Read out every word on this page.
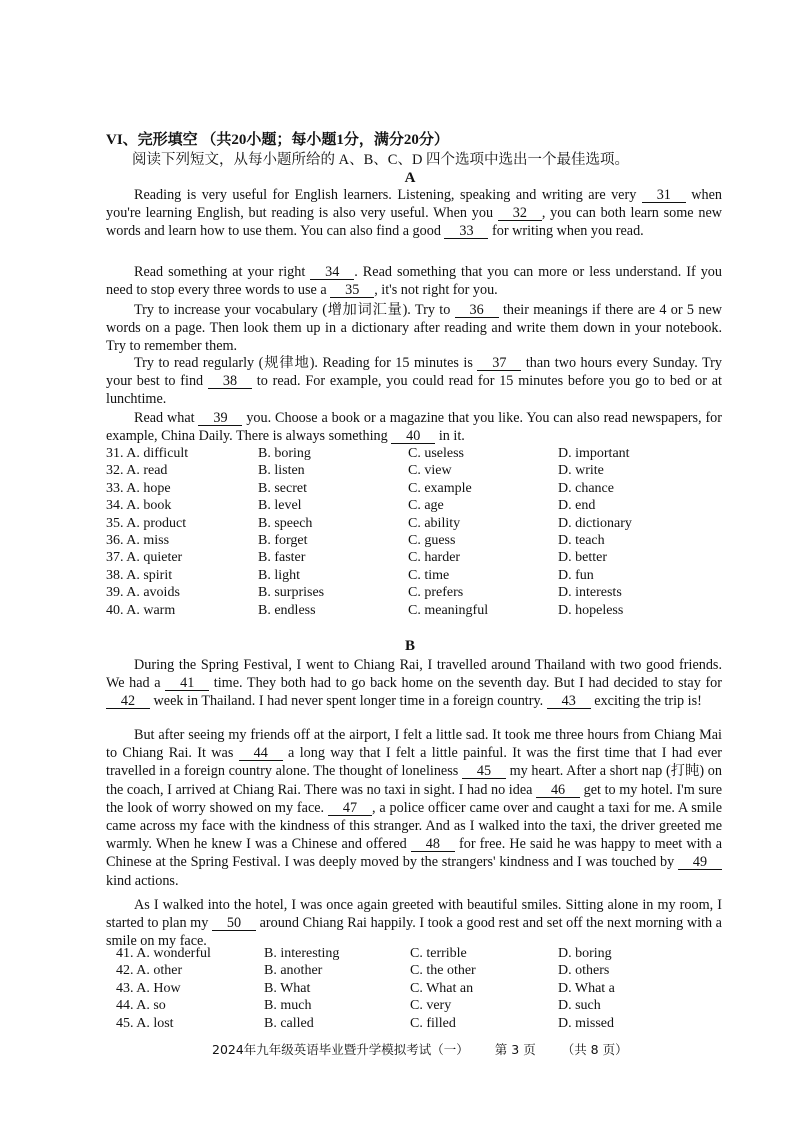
VI、完形填空 （共20小题；每小题1分，满分20分）
阅读下列短文，从每小题所给的 A、B、C、D 四个选项中选出一个最佳选项。
A
Reading is very useful for English learners. Listening, speaking and writing are very 31 when you're learning English, but reading is also very useful. When you 32 , you can both learn some new words and learn how to use them. You can also find a good 33 for writing when you read.
Read something at your right 34 . Read something that you can more or less understand. If you need to stop every three words to use a 35 , it's not right for you.
Try to increase your vocabulary (增加词汇量). Try to 36 their meanings if there are 4 or 5 new words on a page. Then look them up in a dictionary after reading and write them down in your notebook. Try to remember them.
Try to read regularly (规律地). Reading for 15 minutes is 37 than two hours every Sunday. Try your best to find 38 to read. For example, you could read for 15 minutes before you go to bed or at lunchtime.
Read what 39 you. Choose a book or a magazine that you like. You can also read newspapers, for example, China Daily. There is always something 40 in it.
31. A. difficult	B. boring	C. useless	D. important
32. A. read	B. listen	C. view	D. write
33. A. hope	B. secret	C. example	D. chance
34. A. book	B. level	C. age	D. end
35. A. product	B. speech	C. ability	D. dictionary
36. A. miss	B. forget	C. guess	D. teach
37. A. quieter	B. faster	C. harder	D. better
38. A. spirit	B. light	C. time	D. fun
39. A. avoids	B. surprises	C. prefers	D. interests
40. A. warm	B. endless	C. meaningful	D. hopeless
B
During the Spring Festival, I went to Chiang Rai, I travelled around Thailand with two good friends. We had a 41 time. They both had to go back home on the seventh day. But I had decided to stay for 42 week in Thailand. I had never spent longer time in a foreign country. 43 exciting the trip is!
But after seeing my friends off at the airport, I felt a little sad. It took me three hours from Chiang Mai to Chiang Rai. It was 44 a long way that I felt a little painful. It was the first time that I had ever travelled in a foreign country alone. The thought of loneliness 45 my heart. After a short nap (打盹) on the coach, I arrived at Chiang Rai. There was no taxi in sight. I had no idea 46 get to my hotel. I'm sure the look of worry showed on my face. 47 , a police officer came over and caught a taxi for me. A smile came across my face with the kindness of this stranger. And as I walked into the taxi, the driver greeted me warmly. When he knew I was a Chinese and offered 48 for free. He said he was happy to meet with a Chinese at the Spring Festival. I was deeply moved by the strangers' kindness and I was touched by 49 kind actions.
As I walked into the hotel, I was once again greeted with beautiful smiles. Sitting alone in my room, I started to plan my 50 around Chiang Rai happily. I took a good rest and set off the next morning with a smile on my face.
41. A. wonderful	B. interesting	C. terrible	D. boring
42. A. other	B. another	C. the other	D. others
43. A. How	B. What	C. What an	D. What a
44. A. so	B. much	C. very	D. such
45. A. lost	B. called	C. filled	D. missed
2024年九年级英语毕业暨升学模拟考试（一） 第 3 页 （共 8 页）
